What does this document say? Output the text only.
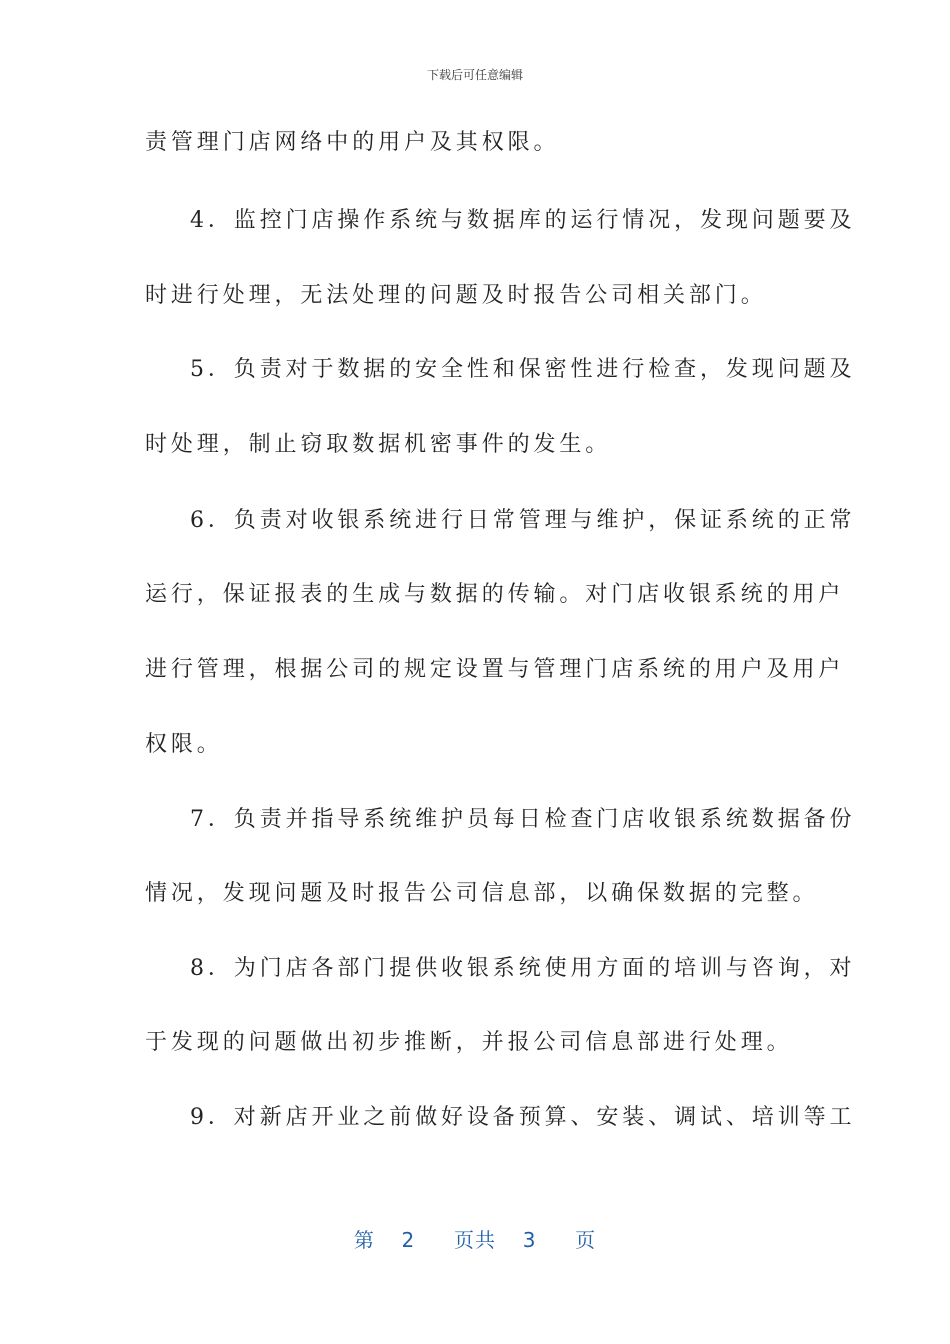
下载后可任意编辑
责管理门店网络中的用户及其权限。
4．监控门店操作系统与数据库的运行情况，发现问题要及
时进行处理，无法处理的问题及时报告公司相关部门。
5．负责对于数据的安全性和保密性进行检查，发现问题及
时处理，制止窃取数据机密事件的发生。
6．负责对收银系统进行日常管理与维护，保证系统的正常
运行，保证报表的生成与数据的传输。对门店收银系统的用户
进行管理，根据公司的规定设置与管理门店系统的用户及用户
权限。
7．负责并指导系统维护员每日检查门店收银系统数据备份
情况，发现问题及时报告公司信息部，以确保数据的完整。
8．为门店各部门提供收银系统使用方面的培训与咨询，对
于发现的问题做出初步推断，并报公司信息部进行处理。
9．对新店开业之前做好设备预算、安装、调试、培训等工
第 2 页共 3 页
